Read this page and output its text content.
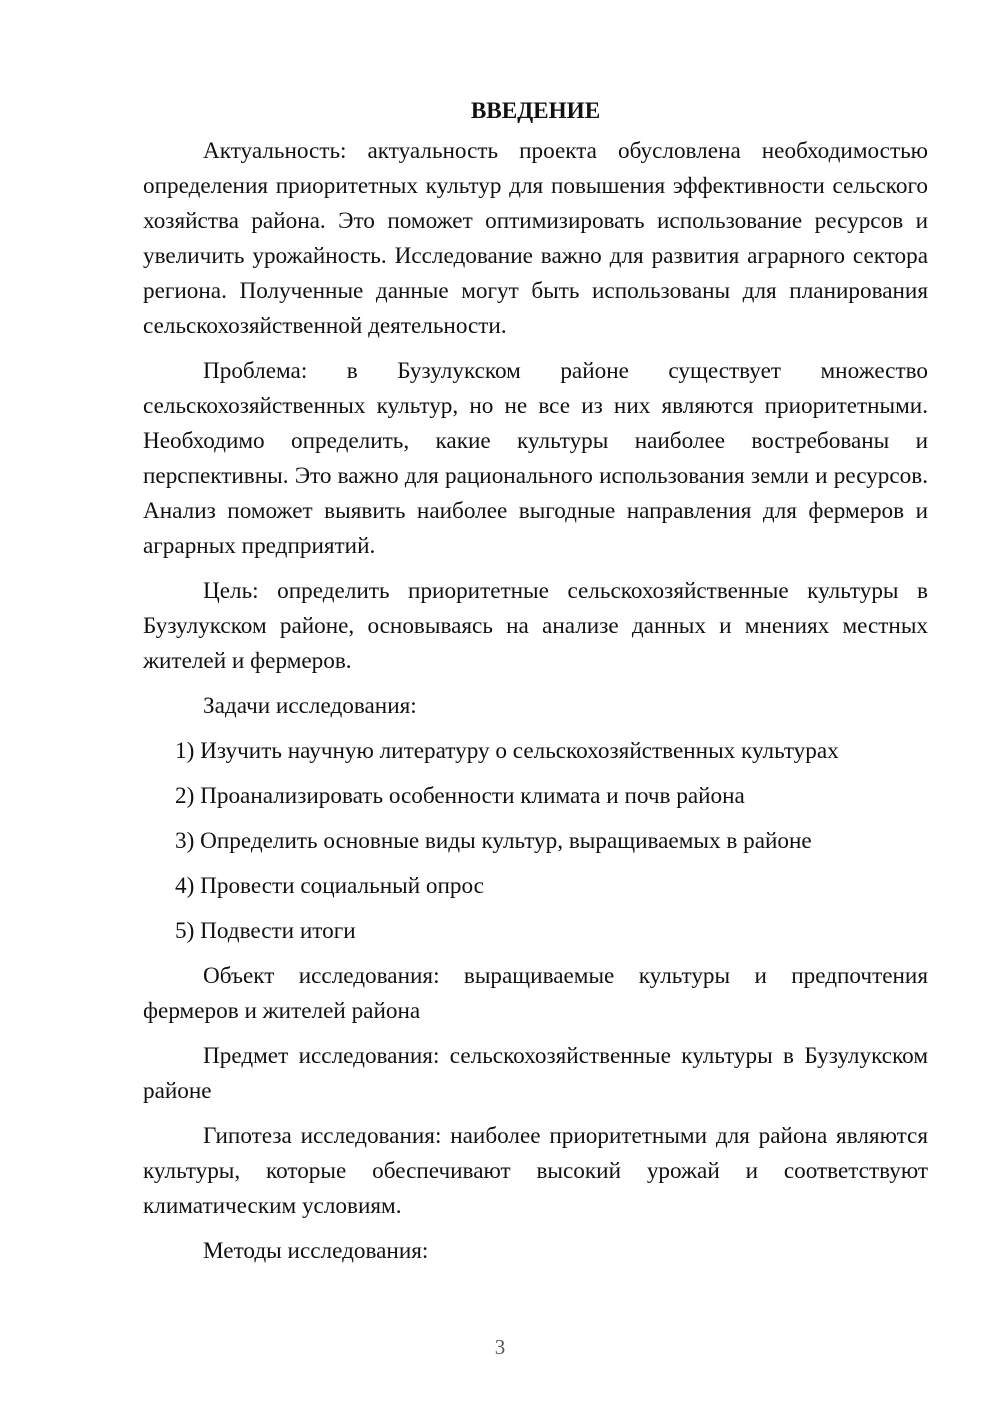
ВВЕДЕНИЕ

Актуальность: актуальность проекта обусловлена необходимостью определения приоритетных культур для повышения эффективности сельского хозяйства района. Это поможет оптимизировать использование ресурсов и увеличить урожайность. Исследование важно для развития аграрного сектора региона. Полученные данные могут быть использованы для планирования сельскохозяйственной деятельности.

Проблема: в Бузулукском районе существует множество сельскохозяйственных культур, но не все из них являются приоритетными. Необходимо определить, какие культуры наиболее востребованы и перспективны. Это важно для рационального использования земли и ресурсов. Анализ поможет выявить наиболее выгодные направления для фермеров и аграрных предприятий.

Цель: определить приоритетные сельскохозяйственные культуры в Бузулукском районе, основываясь на анализе данных и мнениях местных жителей и фермеров.

Задачи исследования:

1) Изучить научную литературу о сельскохозяйственных культурах
2) Проанализировать особенности климата и почв района
3) Определить основные виды культур, выращиваемых в районе
4) Провести социальный опрос
5) Подвести итоги

Объект исследования: выращиваемые культуры и предпочтения фермеров и жителей района

Предмет исследования: сельскохозяйственные культуры в Бузулукском районе

Гипотеза исследования: наиболее приоритетными для района являются культуры, которые обеспечивают высокий урожай и соответствуют климатическим условиям.

Методы исследования:

3
